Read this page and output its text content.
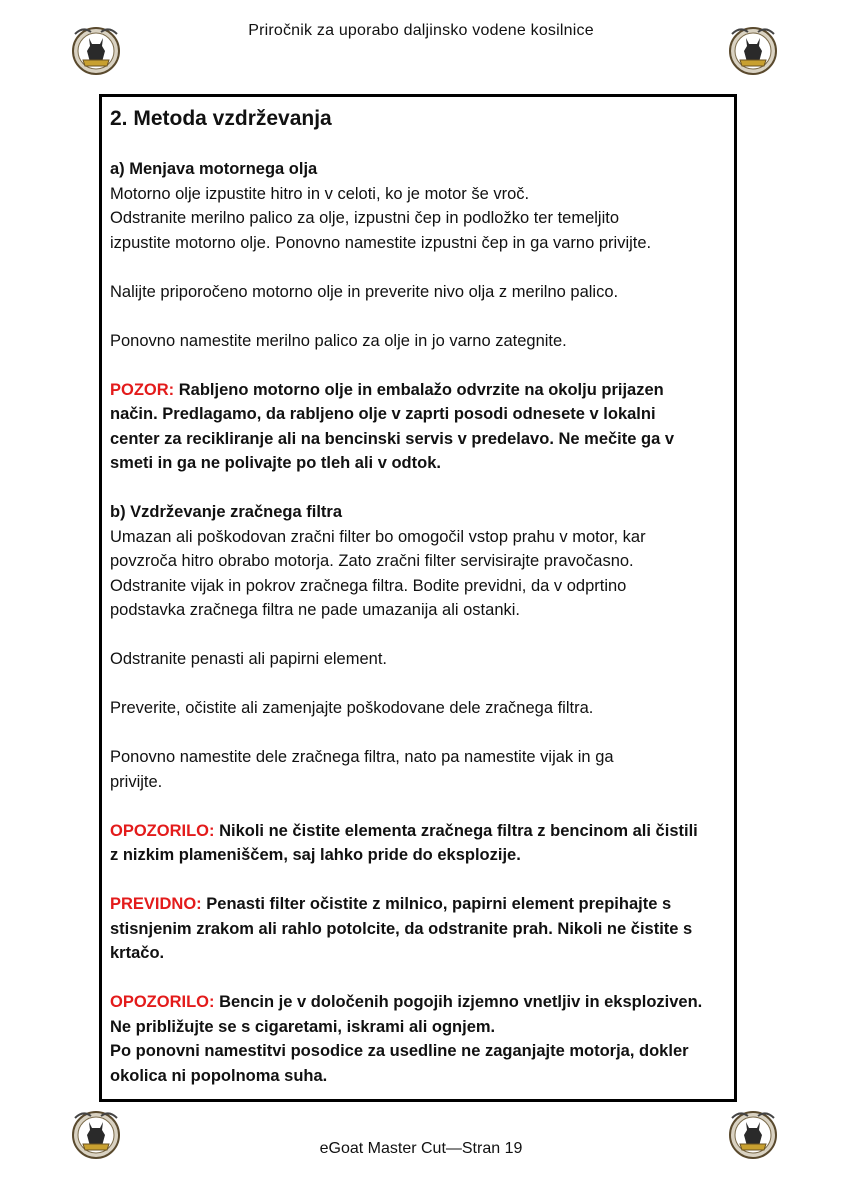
Priročnik za uporabo daljinsko vodene kosilnice
2. Metoda vzdrževanja

a) Menjava motornega olja

Motorno olje izpustite hitro in v celoti, ko je motor še vroč.

Odstranite merilno palico za olje, izpustni čep in podložko ter temeljito

izpustite motorno olje. Ponovno namestite izpustni čep in ga varno privijte.

Nalijte priporočeno motorno olje in preverite nivo olja z merilno palico.

Ponovno namestite merilno palico za olje in jo varno zategnite.

POZOR: Rabljeno motorno olje in embalažo odvrzite na okolju prijazen

način. Predlagamo, da rabljeno olje v zaprti posodi odnesete v lokalni

center za recikliranje ali na bencinski servis v predelavo. Ne mečite ga v

smeti in ga ne polivajte po tleh ali v odtok.

b) Vzdrževanje zračnega filtra

Umazan ali poškodovan zračni filter bo omogočil vstop prahu v motor, kar

povzroča hitro obrabo motorja. Zato zračni filter servisirajte pravočasno.

Odstranite vijak in pokrov zračnega filtra. Bodite previdni, da v odprtino

podstavka zračnega filtra ne pade umazanija ali ostanki.

Odstranite penasti ali papirni element.

Preverite, očistite ali zamenjajte poškodovane dele zračnega filtra.

Ponovno namestite dele zračnega filtra, nato pa namestite vijak in ga

privijte.

OPOZORILO: Nikoli ne čistite elementa zračnega filtra z bencinom ali čistili

z nizkim plameniščem, saj lahko pride do eksplozije.

PREVIDNO: Penasti filter očistite z milnico, papirni element prepihajte s

stisnjenim zrakom ali rahlo potolcite, da odstranite prah. Nikoli ne čistite s

krtačo.

OPOZORILO: Bencin je v določenih pogojih izjemno vnetljiv in eksploziven.

Ne približujte se s cigaretami, iskrami ali ognjem.

Po ponovni namestitvi posodice za usedline ne zaganjajte motorja, dokler

okolica ni popolnoma suha.

eGoat Master Cut—Stran 19
